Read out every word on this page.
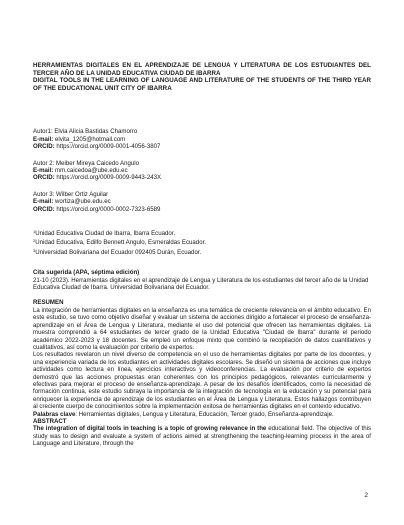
HERRAMIENTAS DIGITALES EN EL APRENDIZAJE DE LENGUA Y LITERATURA DE LOS ESTUDIANTES DEL TERCER AÑO DE LA UNIDAD EDUCATIVA CIUDAD DE IBARRA

DIGITAL TOOLS IN THE LEARNING OF LANGUAGE AND LITERATURE OF THE STUDENTS OF THE THIRD YEAR OF THE EDUCATIONAL UNIT CITY OF IBARRA

Autor1: Elvia Alicia Bastidas Chamorro
E-mail: elvita_1205@hotmail.com
ORCID: https://orcid.org/0009-0001-4056-3807
Autor 2: Meiber Mireya Caicedo Angulo
E-mail: mm.caicedoa@ube.edu.ec
ORCID: https://orcid.org/0009-0009-9443-243X
Autor 3: Wilber Ortiz Aguilar
E-mail: wortiza@ube.edu.ec
ORCID: https://orcid.org/0000-0002-7323-6589
$^1$Unidad Educativa Ciudad de Ibarra, Ibarra Ecuador.
$^2$Unidad Educativa, Edilfo Bennett Angulo, Esmeraldas Ecuador.
$^3$Universidad Bolivariana del Ecuador 092405 Durán, Ecuador.
Cita sugerida (APA, séptima edición)
21-10 (2023). Herramientas digitales en el aprendizaje de Lengua y Literatura de los estudiantes del tercer año de la Unidad Educativa Ciudad de Ibarra. Universidad Bolivariana del Ecuador.
RESUMEN

La integración de herramientas digitales en la enseñanza es una temática de creciente relevancia en el ámbito educativo. En este estudio, se tuvo como objetivo diseñar y evaluar un sistema de acciones dirigido a fortalecer el proceso de enseñanza-aprendizaje en el Área de Lengua y Literatura, mediante el uso del potencial que ofrecen las herramientas digitales. La muestra comprendió a 64 estudiantes de tercer grado de la Unidad Educativa "Ciudad de Ibarra" durante el periodo académico 2022-2023 y 18 docentes. Se empleó un enfoque mixto que combinó la recopilación de datos cuantitativos y cualitativos, así como la evaluación por criterio de expertos.

Los resultados revelaron un nivel diverso de competencia en el uso de herramientas digitales por parte de los docentes, y una experiencia variada de los estudiantes en actividades digitales escolares. Se diseñó un sistema de acciones que incluye actividades como lectura en línea, ejercicios interactivos y videoconferencias. La evaluación por criterio de expertos demostró que las acciones propuestas eran coherentes con los principios pedagógicos, relevantes curricularmente y efectivas para mejorar el proceso de enseñanza-aprendizaje. A pesar de los desafíos identificados, como la necesidad de formación continua, este estudio subraya la importancia de la integración de tecnología en la educación y su potencial para enriquecer la experiencia de aprendizaje de los estudiantes en el Área de Lengua y Literatura. Estos hallazgos contribuyen al creciente cuerpo de conocimientos sobre la implementación exitosa de herramientas digitales en el contexto educativo.

Palabras clave: Herramientas digitales, Lengua y Literatura, Educación, Tercer grado, Enseñanza-aprendizaje.
ABSTRACT
The integration of digital tools in teaching is a topic of growing relevance in the educational field. The objective of this study was to design and evaluate a system of actions aimed at strengthening the teaching-learning process in the area of Language and Literature, through the
2
